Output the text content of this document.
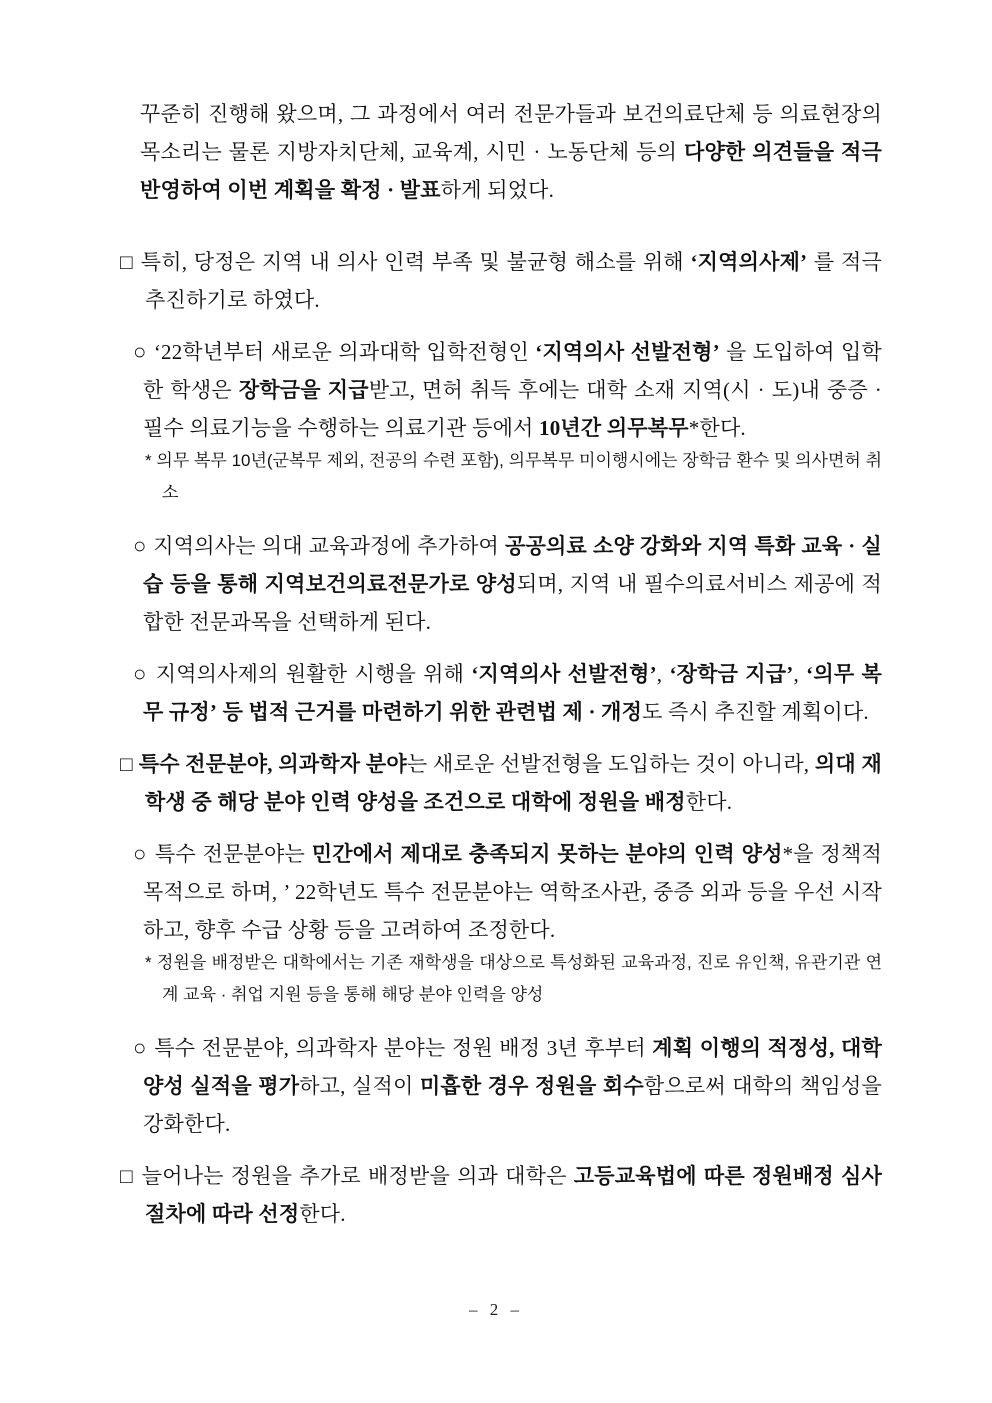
꾸준히 진행해 왔으며, 그 과정에서 여러 전문가들과 보건의료단체 등 의료현장의 목소리는 물론 지방자치단체, 교육계, 시민 · 노동단체 등의 다양한 의견들을 적극 반영하여 이번 계획을 확정 · 발표하게 되었다.
□ 특히, 당정은 지역 내 의사 인력 부족 및 불균형 해소를 위해 ‘지역의사제’ 를 적극 추진하기로 하였다.
○ ‘22학년부터 새로운 의과대학 입학전형인 ‘지역의사 선발전형’ 을 도입하여 입학한 학생은 장학금을 지급받고, 면허 취득 후에는 대학 소재 지역(시 · 도)내 중증 · 필수 의료기능을 수행하는 의료기관 등에서 10년간 의무복무*한다.
* 의무 복무 10년(군복무 제외, 전공의 수련 포함), 의무복무 미이행시에는 장학금 환수 및 의사면허 취소
○ 지역의사는 의대 교육과정에 추가하여 공공의료 소양 강화와 지역 특화 교육 · 실습 등을 통해 지역보건의료전문가로 양성되며, 지역 내 필수의료서비스 제공에 적합한 전문과목을 선택하게 된다.
○ 지역의사제의 원활한 시행을 위해 ‘지역의사 선발전형’, ‘장학금 지급’, ‘의무 복무 규정’ 등 법적 근거를 마련하기 위한 관련법 제 · 개정도 즉시 추진할 계획이다.
□ 특수 전문분야, 의과학자 분야는 새로운 선발전형을 도입하는 것이 아니라, 의대 재학생 중 해당 분야 인력 양성을 조건으로 대학에 정원을 배정한다.
○ 특수 전문분야는 민간에서 제대로 충족되지 못하는 분야의 인력 양성*을 정책적 목적으로 하며, ’ 22학년도 특수 전문분야는 역학조사관, 중증 외과 등을 우선 시작하고, 향후 수급 상황 등을 고려하여 조정한다.
* 정원을 배정받은 대학에서는 기존 재학생을 대상으로 특성화된 교육과정, 진로 유인책, 유관기관 연계 교육 · 취업 지원 등을 통해 해당 분야 인력을 양성
○ 특수 전문분야, 의과학자 분야는 정원 배정 3년 후부터 계획 이행의 적정성, 대학 양성 실적을 평가하고, 실적이 미흡한 경우 정원을 회수함으로써 대학의 책임성을 강화한다.
□ 늘어나는 정원을 추가로 배정받을 의과 대학은 고등교육법에 따른 정원배정 심사절차에 따라 선정한다.
– 2 –
